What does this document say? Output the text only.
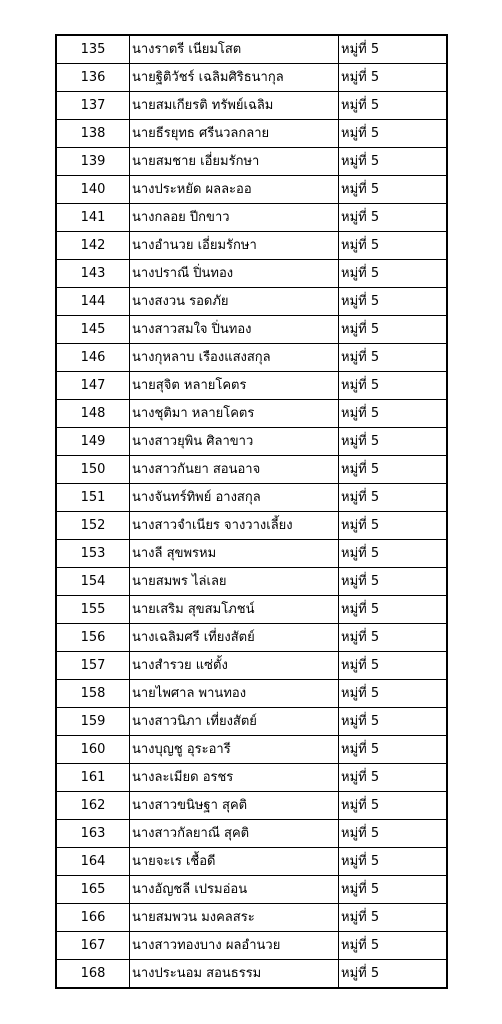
135	นางราตรี เนียมโสต	หมู่ที่ 5
136	นายฐิติวัชร์ เฉลิมศิริธนากุล	หมู่ที่ 5
137	นายสมเกียรติ ทรัพย์เฉลิม	หมู่ที่ 5
138	นายธีรยุทธ ศรีนวลกลาย	หมู่ที่ 5
139	นายสมชาย เอี่ยมรักษา	หมู่ที่ 5
140	นางประหยัด ผลละออ	หมู่ที่ 5
141	นางกลอย ปีกขาว	หมู่ที่ 5
142	นางอำนวย เอี่ยมรักษา	หมู่ที่ 5
143	นางปราณี ปิ่นทอง	หมู่ที่ 5
144	นางสงวน รอดภัย	หมู่ที่ 5
145	นางสาวสมใจ ปิ่นทอง	หมู่ที่ 5
146	นางกุหลาบ เรืองแสงสกุล	หมู่ที่ 5
147	นายสุจิต หลายโคตร	หมู่ที่ 5
148	นางชุติมา หลายโคตร	หมู่ที่ 5
149	นางสาวยุพิน ศิลาขาว	หมู่ที่ 5
150	นางสาวกันยา สอนอาจ	หมู่ที่ 5
151	นางจันทร์ทิพย์ อางสกุล	หมู่ที่ 5
152	นางสาวจำเนียร จางวางเลี้ยง	หมู่ที่ 5
153	นางลี สุขพรหม	หมู่ที่ 5
154	นายสมพร ไล่เลย	หมู่ที่ 5
155	นายเสริม สุขสมโภชน์	หมู่ที่ 5
156	นางเฉลิมศรี เที่ยงสัตย์	หมู่ที่ 5
157	นางสำรวย แซ่ตั้ง	หมู่ที่ 5
158	นายไพศาล พานทอง	หมู่ที่ 5
159	นางสาวนิภา เที่ยงสัตย์	หมู่ที่ 5
160	นางบุญชู อุระอารี	หมู่ที่ 5
161	นางละเมียด อรชร	หมู่ที่ 5
162	นางสาวขนิษฐา สุคติ	หมู่ที่ 5
163	นางสาวกัลยาณี สุคติ	หมู่ที่ 5
164	นายจะเร เชื้อดี	หมู่ที่ 5
165	นางอัญชลี เปรมอ่อน	หมู่ที่ 5
166	นายสมพวน มงคลสระ	หมู่ที่ 5
167	นางสาวทองบาง ผลอำนวย	หมู่ที่ 5
168	นางประนอม สอนธรรม	หมู่ที่ 5
